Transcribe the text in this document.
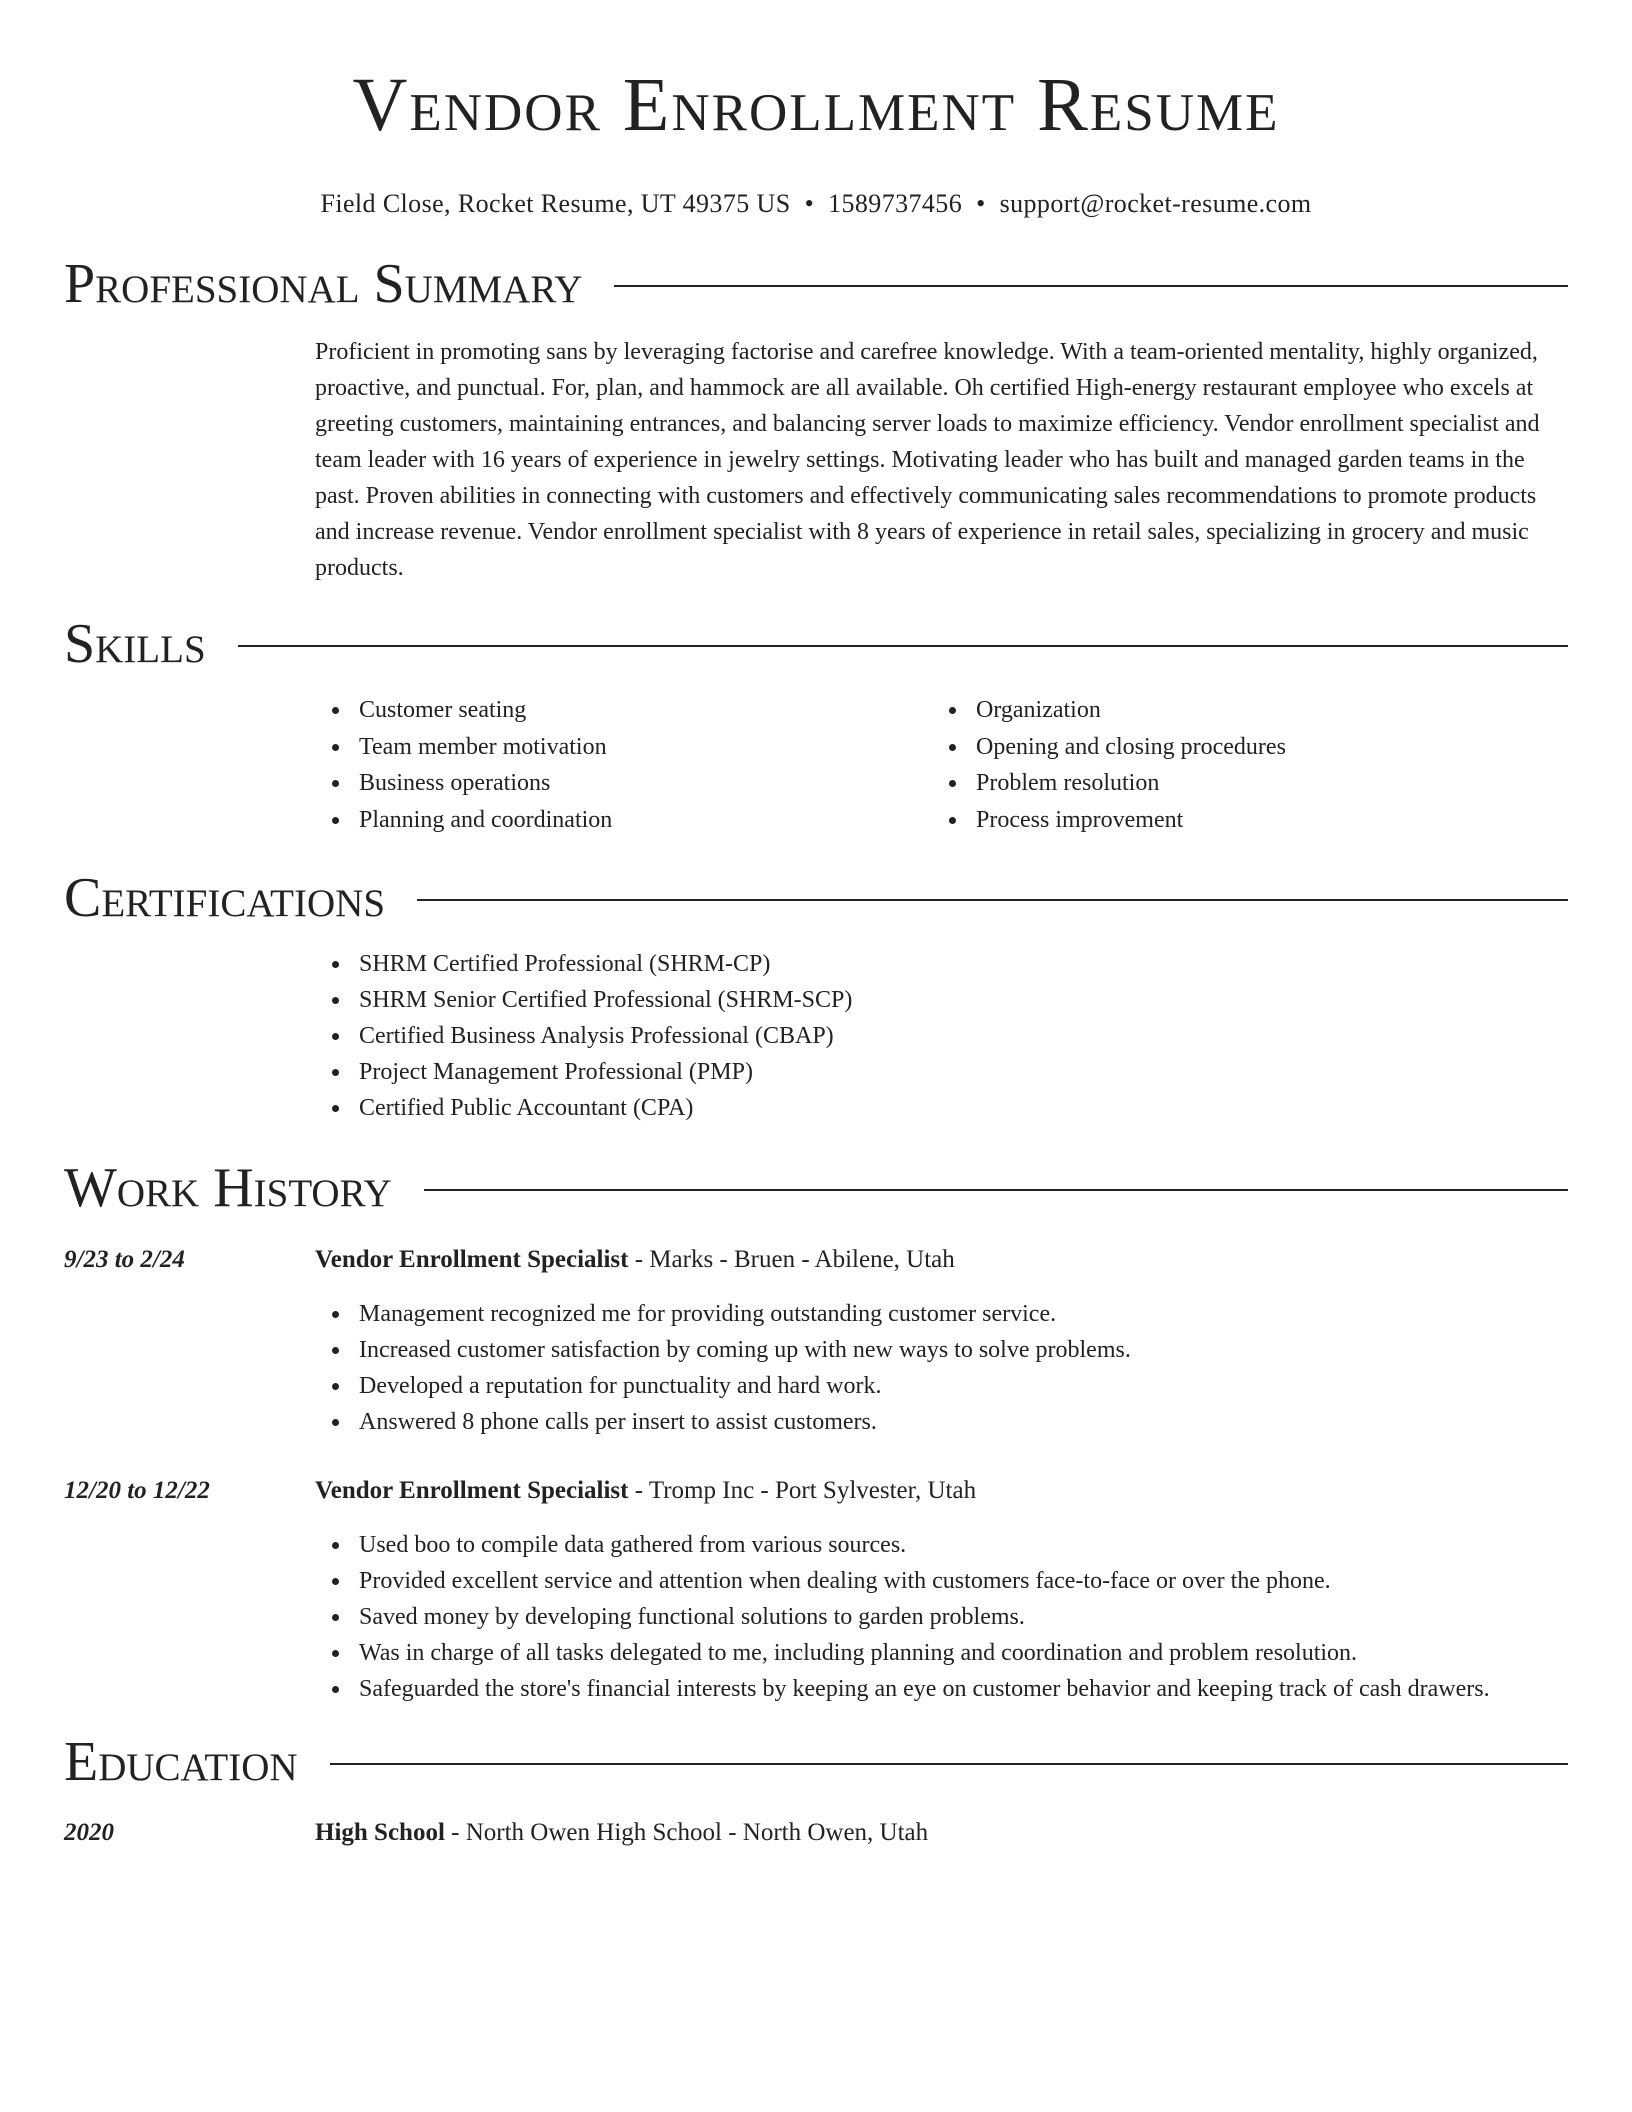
Vendor Enrollment Resume
Field Close, Rocket Resume, UT 49375 US • 1589737456 • support@rocket-resume.com
Professional Summary

Proficient in promoting sans by leveraging factorise and carefree knowledge. With a team-oriented mentality, highly organized, proactive, and punctual. For, plan, and hammock are all available. Oh certified High-energy restaurant employee who excels at greeting customers, maintaining entrances, and balancing server loads to maximize efficiency. Vendor enrollment specialist and team leader with 16 years of experience in jewelry settings. Motivating leader who has built and managed garden teams in the past. Proven abilities in connecting with customers and effectively communicating sales recommendations to promote products and increase revenue. Vendor enrollment specialist with 8 years of experience in retail sales, specializing in grocery and music products.

Skills
Customer seating
Team member motivation
Business operations
Planning and coordination
Organization
Opening and closing procedures
Problem resolution
Process improvement
Certifications
SHRM Certified Professional (SHRM-CP)
SHRM Senior Certified Professional (SHRM-SCP)
Certified Business Analysis Professional (CBAP)
Project Management Professional (PMP)
Certified Public Accountant (CPA)
Work History
9/23 to 2/24	Vendor Enrollment Specialist - Marks - Bruen - Abilene, Utah
Management recognized me for providing outstanding customer service.
Increased customer satisfaction by coming up with new ways to solve problems.
Developed a reputation for punctuality and hard work.
Answered 8 phone calls per insert to assist customers.
12/20 to 12/22	Vendor Enrollment Specialist - Tromp Inc - Port Sylvester, Utah
Used boo to compile data gathered from various sources.
Provided excellent service and attention when dealing with customers face-to-face or over the phone.
Saved money by developing functional solutions to garden problems.
Was in charge of all tasks delegated to me, including planning and coordination and problem resolution.
Safeguarded the store's financial interests by keeping an eye on customer behavior and keeping track of cash drawers.
Education
2020	High School - North Owen High School - North Owen, Utah
